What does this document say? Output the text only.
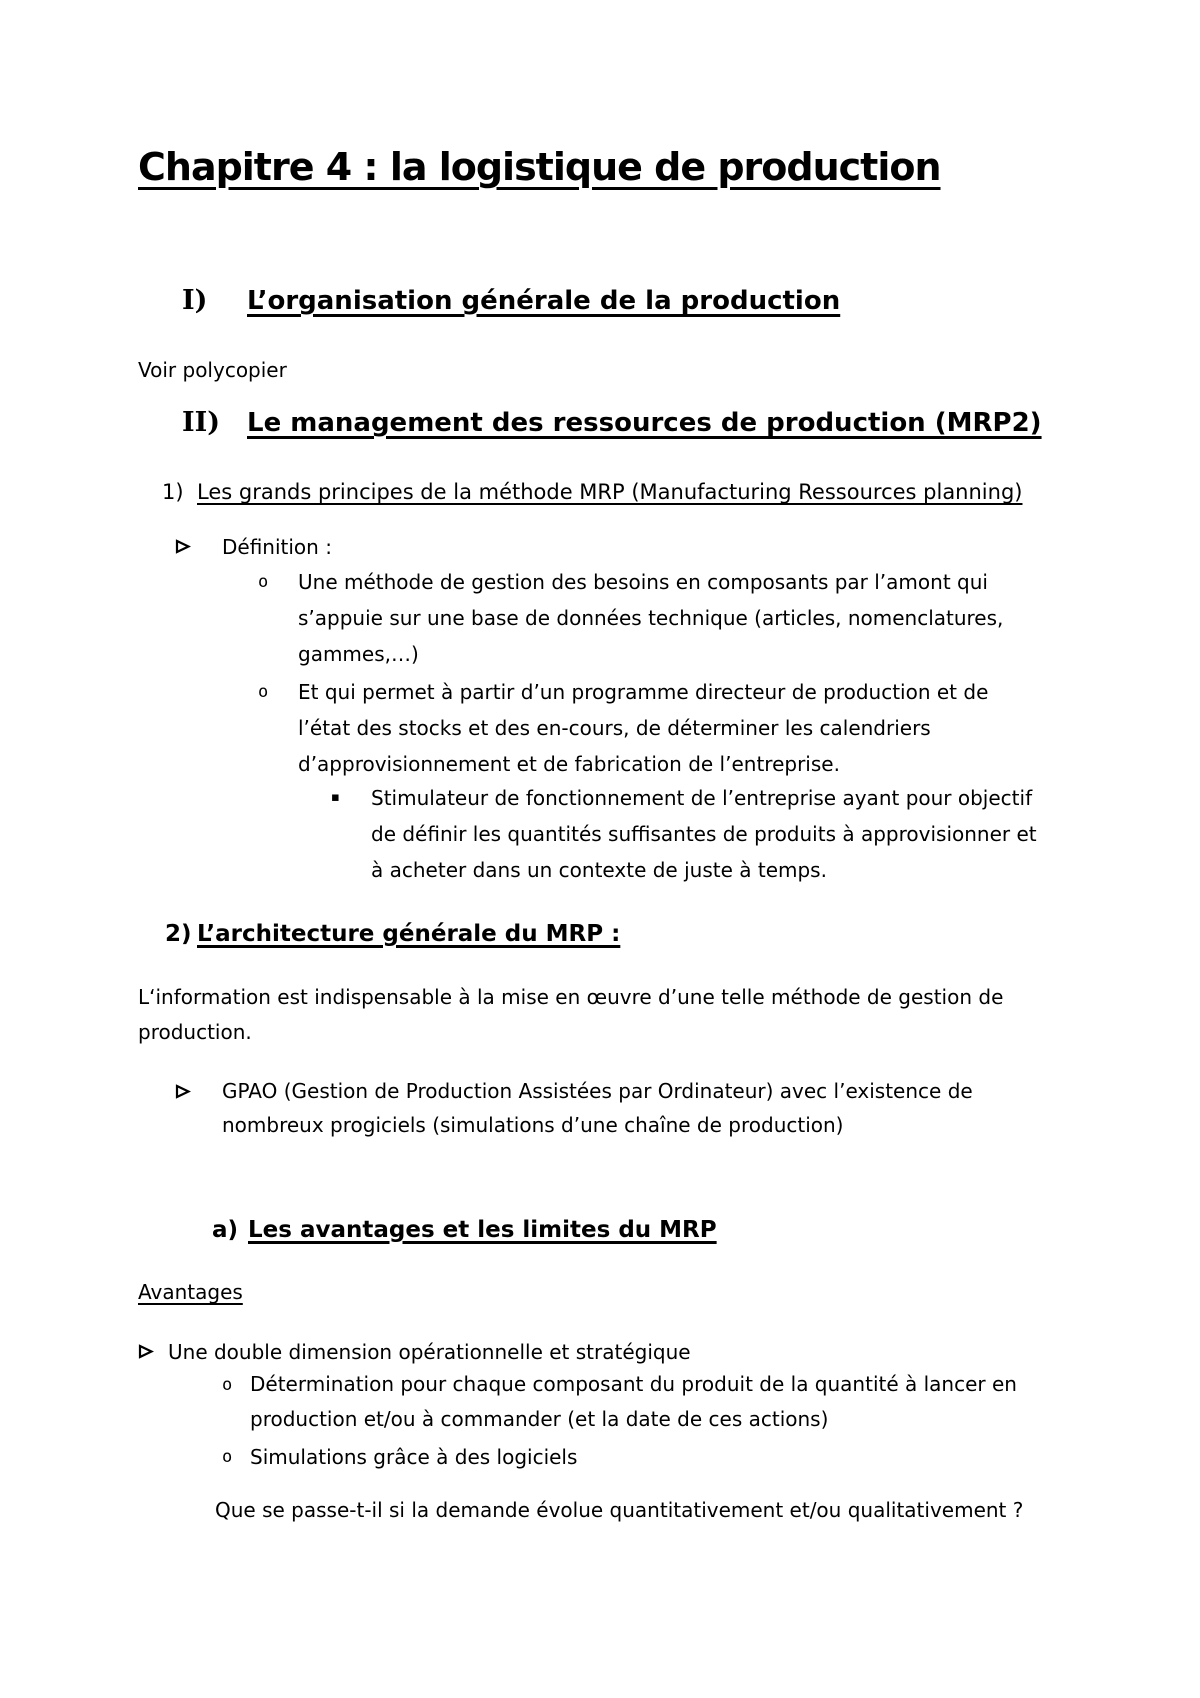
Chapitre 4 : la logistique de production
I)	L’organisation générale de la production
Voir polycopier
II)	Le management des ressources de production (MRP2)
1) Les grands principes de la méthode MRP (Manufacturing Ressources planning)
Définition :
o	Une méthode de gestion des besoins en composants par l’amont qui
s’appuie sur une base de données technique (articles, nomenclatures,
gammes,…)
o	Et qui permet à partir d’un programme directeur de production et de
l’état des stocks et des en-cours, de déterminer les calendriers
d’approvisionnement et de fabrication de l’entreprise.
▪	Stimulateur de fonctionnement de l’entreprise ayant pour objectif
de définir les quantités suffisantes de produits à approvisionner et
à acheter dans un contexte de juste à temps.
2) L’architecture générale du MRP :
L‘information est indispensable à la mise en œuvre d’une telle méthode de gestion de
production.
GPAO (Gestion de Production Assistées par Ordinateur) avec l’existence de
nombreux progiciels (simulations d’une chaîne de production)
a) Les avantages et les limites du MRP
Avantages
Une double dimension opérationnelle et stratégique
o Détermination pour chaque composant du produit de la quantité à lancer en
production et/ou à commander (et la date de ces actions)
o Simulations grâce à des logiciels
Que se passe-t-il si la demande évolue quantitativement et/ou qualitativement ?
